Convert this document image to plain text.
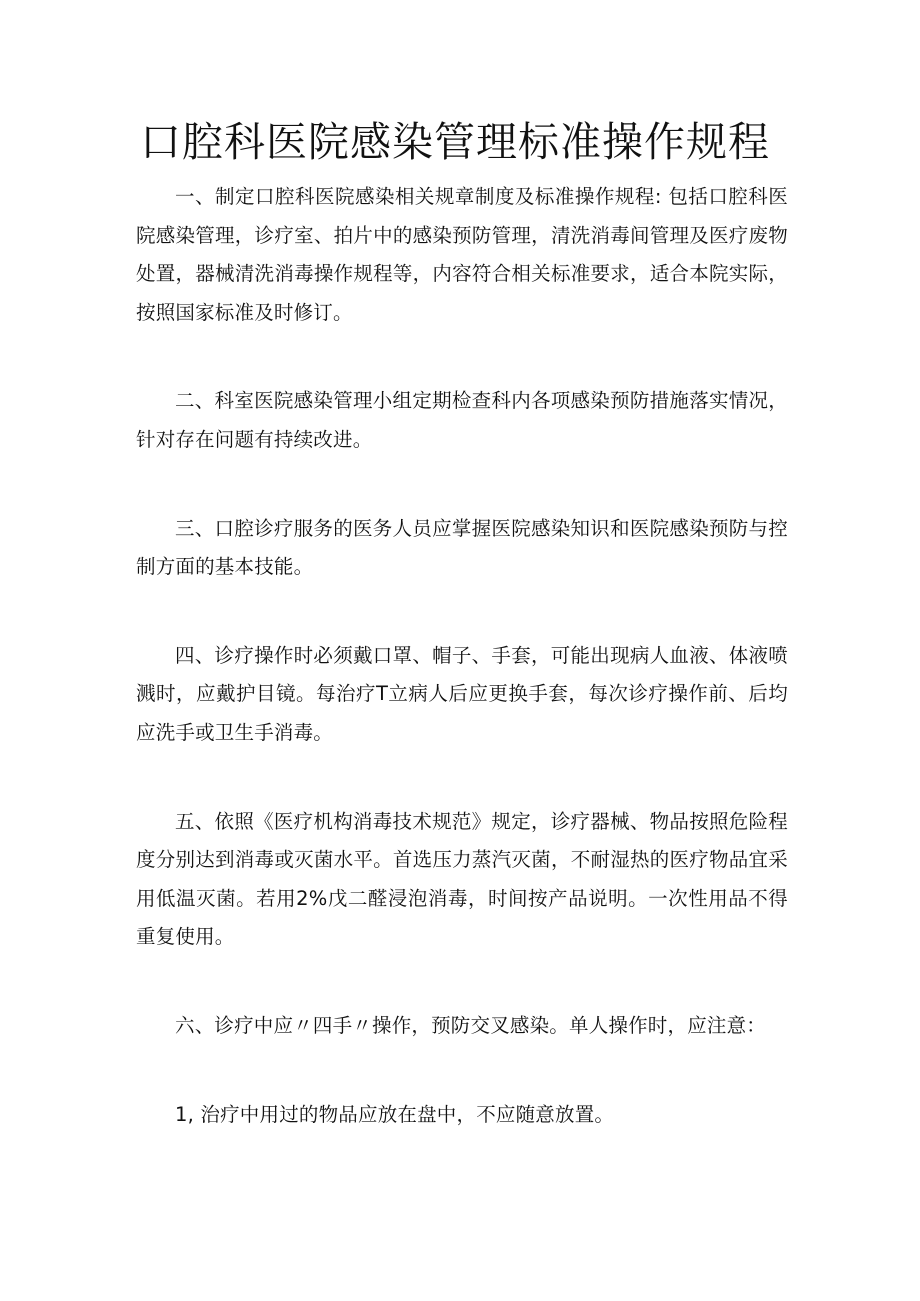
口腔科医院感染管理标准操作规程

一、制定口腔科医院感染相关规章制度及标准操作规程: 包括口腔科医院感染管理，诊疗室、拍片中的感染预防管理，清洗消毒间管理及医疗废物处置，器械清洗消毒操作规程等，内容符合相关标准要求，适合本院实际，按照国家标准及时修订。

二、科室医院感染管理小组定期检查科内各项感染预防措施落实情况，针对存在问题有持续改进。

三、口腔诊疗服务的医务人员应掌握医院感染知识和医院感染预防与控制方面的基本技能。

四、诊疗操作时必须戴口罩、帽子、手套，可能出现病人血液、体液喷溅时，应戴护目镜。每治疗T立病人后应更换手套，每次诊疗操作前、后均应洗手或卫生手消毒。

五、依照《医疗机构消毒技术规范》规定，诊疗器械、物品按照危险程度分别达到消毒或灭菌水平。首选压力蒸汽灭菌，不耐湿热的医疗物品宜采用低温灭菌。若用2%戊二醛浸泡消毒，时间按产品说明。一次性用品不得重复使用。

六、诊疗中应〃四手〃操作，预防交叉感染。单人操作时，应注意：

1, 治疗中用过的物品应放在盘中，不应随意放置。
